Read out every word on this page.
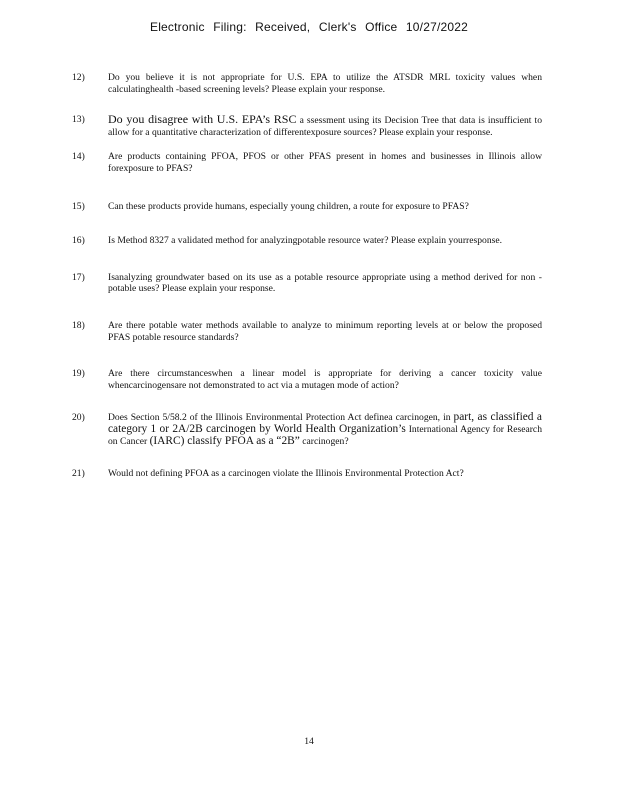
Electronic Filing: Received, Clerk's Office 10/27/2022
12)	Do you believe it is not appropriate for U.S. EPA to utilize the ATSDR MRL toxicity values when calculatinghealth -based screening levels? Please explain your response.
13)	Do you disagree with U.S. EPA’s RSC a ssessment using its Decision Tree that data is insufficient to allow for a quantitative characterization of differentexposure sources? Please explain your response.
14)	Are products containing PFOA, PFOS or other PFAS present in homes and businesses in Illinois allow forexposure to PFAS?
15)	Can these products provide humans, especially young children, a route for exposure to PFAS?
16)	Is Method 8327 a validated method for analyzingpotable resource water? Please explain yourresponse.
17)	Isanalyzing groundwater based on its use as a potable resource appropriate using a method derived for non - potable uses? Please explain your response.
18)	Are there potable water methods available to analyze to minimum reporting levels at or below the proposed PFAS potable resource standards?
19)	Are there circumstanceswhen a linear model is appropriate for deriving a cancer toxicity value whencarcinogensare not demonstrated to act via a mutagen mode of action?
20)	Does Section 5/58.2 of the Illinois Environmental Protection Act definea carcinogen, in part, as classified a category 1 or 2A/2B carcinogen by World Health Organization’s International Agency for Research on Cancer (IARC) classify PFOA as a “2B” carcinogen?
21)	Would not defining PFOA as a carcinogen violate the Illinois Environmental Protection Act?
14
